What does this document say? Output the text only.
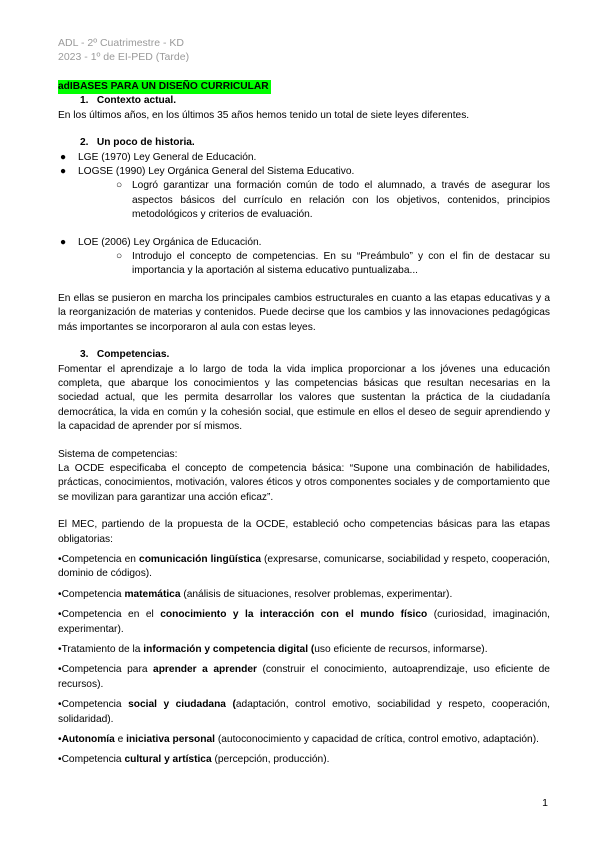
ADL - 2º Cuatrimestre - KD
2023 - 1º de EI-PED (Tarde)
adIBASES PARA UN DISEÑO CURRICULAR
1. Contexto actual.

En los últimos años, en los últimos 35 años hemos tenido un total de siete leyes diferentes.

2. Un poco de historia.
● LGE (1970) Ley General de Educación.
● LOGSE (1990) Ley Orgánica General del Sistema Educativo.
○ Logró garantizar una formación común de todo el alumnado, a través de asegurar los aspectos básicos del currículo en relación con los objetivos, contenidos, principios metodológicos y criterios de evaluación.
● LOE (2006) Ley Orgánica de Educación.
○ Introdujo el concepto de competencias. En su “Preámbulo” y con el fin de destacar su importancia y la aportación al sistema educativo puntualizaba...

En ellas se pusieron en marcha los principales cambios estructurales en cuanto a las etapas educativas y a la reorganización de materias y contenidos. Puede decirse que los cambios y las innovaciones pedagógicas más importantes se incorporaron al aula con estas leyes.

3. Competencias.

Fomentar el aprendizaje a lo largo de toda la vida implica proporcionar a los jóvenes una educación completa, que abarque los conocimientos y las competencias básicas que resultan necesarias en la sociedad actual, que les permita desarrollar los valores que sustentan la práctica de la ciudadanía democrática, la vida en común y la cohesión social, que estimule en ellos el deseo de seguir aprendiendo y la capacidad de aprender por sí mismos.

Sistema de competencias:

La OCDE especificaba el concepto de competencia básica: “Supone una combinación de habilidades, prácticas, conocimientos, motivación, valores éticos y otros componentes sociales y de comportamiento que se movilizan para garantizar una acción eficaz”.

El MEC, partiendo de la propuesta de la OCDE, estableció ocho competencias básicas para las etapas obligatorias:

•Competencia en comunicación lingüística (expresarse, comunicarse, sociabilidad y respeto, cooperación, dominio de códigos).
•Competencia matemática (análisis de situaciones, resolver problemas, experimentar).
•Competencia en el conocimiento y la interacción con el mundo físico (curiosidad, imaginación, experimentar).
•Tratamiento de la información y competencia digital (uso eficiente de recursos, informarse).
•Competencia para aprender a aprender (construir el conocimiento, autoaprendizaje, uso eficiente de recursos).
•Competencia social y ciudadana (adaptación, control emotivo, sociabilidad y respeto, cooperación, solidaridad).
•Autonomía e iniciativa personal (autoconocimiento y capacidad de crítica, control emotivo, adaptación).
•Competencia cultural y artística (percepción, producción).
1
